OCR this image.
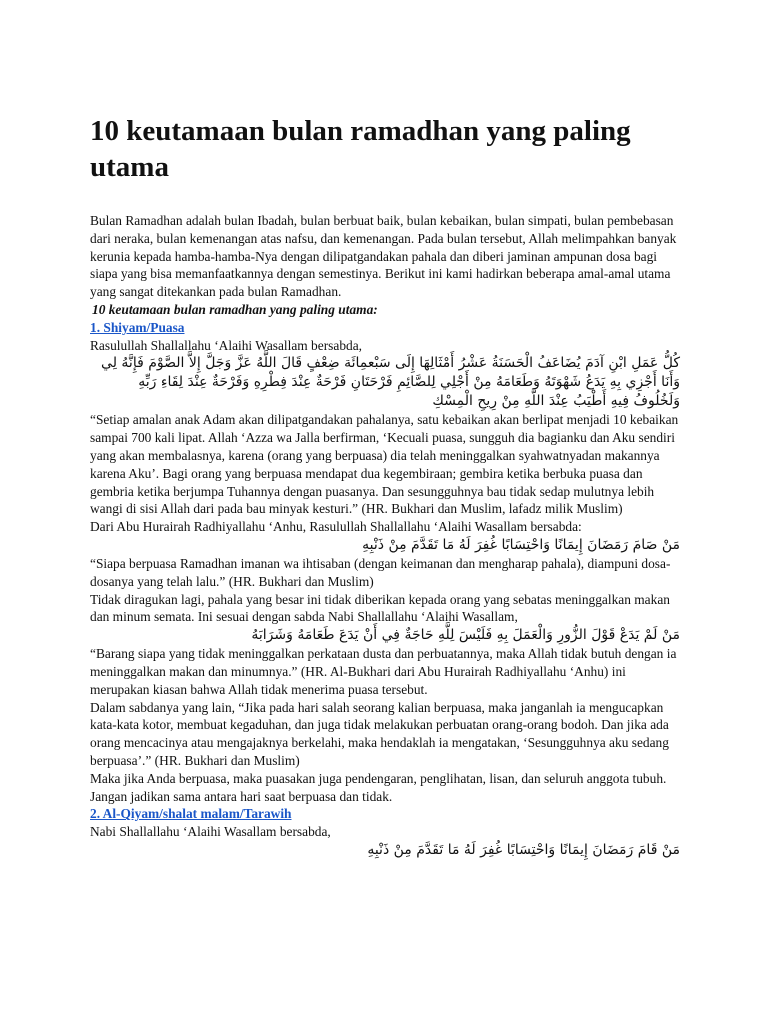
10 keutamaan bulan ramadhan yang paling utama

Bulan Ramadhan adalah bulan Ibadah, bulan berbuat baik, bulan kebaikan, bulan simpati, bulan pembebasan dari neraka, bulan kemenangan atas nafsu, dan kemenangan. Pada bulan tersebut, Allah melimpahkan banyak kerunia kepada hamba-hamba-Nya dengan dilipatgandakan pahala dan diberi jaminan ampunan dosa bagi siapa yang bisa memanfaatkannya dengan semestinya. Berikut ini kami hadirkan beberapa amal-amal utama yang sangat ditekankan pada bulan Ramadhan.

10 keutamaan bulan ramadhan yang paling utama:

1. Shiyam/Puasa

Rasulullah Shallallahu ‘Alaihi Wasallam bersabda,

كُلُّ عَمَلِ ابْنِ آدَمَ يُضَاعَفُ الْحَسَنَةُ عَشْرُ أَمْثَالِهَا إِلَى سَبْعمِائَة ضِعْفٍ قَالَ اللَّهُ عَزَّ وَجَلَّ إِلاَّ الصَّوْمَ فَإِنَّهُ لِي وَأَنَا أَجْزِي بِهِ يَدَعُ شَهْوَتَهُ وَطَعَامَهُ مِنْ أَجْلِي لِلصَّائِمِ فَرْحَتَانِ فَرْحَةٌ عِنْدَ فِطْرِهِ وَفَرْحَةٌ عِنْدَ لِقَاءِ رَبِّهِ وَلَخُلُوفُ فِيهِ أَطْيَبُ عِنْدَ اللَّهِ مِنْ رِيحِ الْمِسْكِ

“Setiap amalan anak Adam akan dilipatgandakan pahalanya, satu kebaikan akan berlipat menjadi 10 kebaikan sampai 700 kali lipat. Allah ‘Azza wa Jalla berfirman, ‘Kecuali puasa, sungguh dia bagianku dan Aku sendiri yang akan membalasnya, karena (orang yang berpuasa) dia telah meninggalkan syahwatnyadan makannya karena Aku’. Bagi orang yang berpuasa mendapat dua kegembiraan; gembira ketika berbuka puasa dan gembria ketika berjumpa Tuhannya dengan puasanya. Dan sesungguhnya bau tidak sedap mulutnya lebih wangi di sisi Allah dari pada bau minyak kesturi.” (HR. Bukhari dan Muslim, lafadz milik Muslim)

Dari Abu Hurairah Radhiyallahu ‘Anhu, Rasulullah Shallallahu ‘Alaihi Wasallam bersabda:

مَنْ صَامَ رَمَضَانَ إِيمَانًا وَاحْتِسَابًا غُفِرَ لَهُ مَا تَقَدَّمَ مِنْ ذَنْبِهِ

“Siapa berpuasa Ramadhan imanan wa ihtisaban (dengan keimanan dan mengharap pahala), diampuni dosa-dosanya yang telah lalu.” (HR. Bukhari dan Muslim)

Tidak diragukan lagi, pahala yang besar ini tidak diberikan kepada orang yang sebatas meninggalkan makan dan minum semata. Ini sesuai dengan sabda Nabi Shallallahu ‘Alaihi Wasallam,

مَنْ لَمْ يَدَعْ قَوْلَ الزُّورِ وَالْعَمَلَ بِهِ فَلَيْسَ لِلَّهِ حَاجَةٌ فِي أَنْ يَدَعَ طَعَامَهُ وَشَرَابَهُ

“Barang siapa yang tidak meninggalkan perkataan dusta dan perbuatannya, maka Allah tidak butuh dengan ia meninggalkan makan dan minumnya.” (HR. Al-Bukhari dari Abu Hurairah Radhiyallahu ‘Anhu) ini merupakan kiasan bahwa Allah tidak menerima puasa tersebut.

Dalam sabdanya yang lain, “Jika pada hari salah seorang kalian berpuasa, maka janganlah ia mengucapkan kata-kata kotor, membuat kegaduhan, dan juga tidak melakukan perbuatan orang-orang bodoh. Dan jika ada orang mencacinya atau mengajaknya berkelahi, maka hendaklah ia mengatakan, ‘Sesungguhnya aku sedang berpuasa’.” (HR. Bukhari dan Muslim)

Maka jika Anda berpuasa, maka puasakan juga pendengaran, penglihatan, lisan, dan seluruh anggota tubuh. Jangan jadikan sama antara hari saat berpuasa dan tidak.

2. Al-Qiyam/shalat malam/Tarawih

Nabi Shallallahu ‘Alaihi Wasallam bersabda,

مَنْ قَامَ رَمَضَانَ إِيمَانًا وَاحْتِسَابًا غُفِرَ لَهُ مَا تَقَدَّمَ مِنْ ذَنْبِهِ
